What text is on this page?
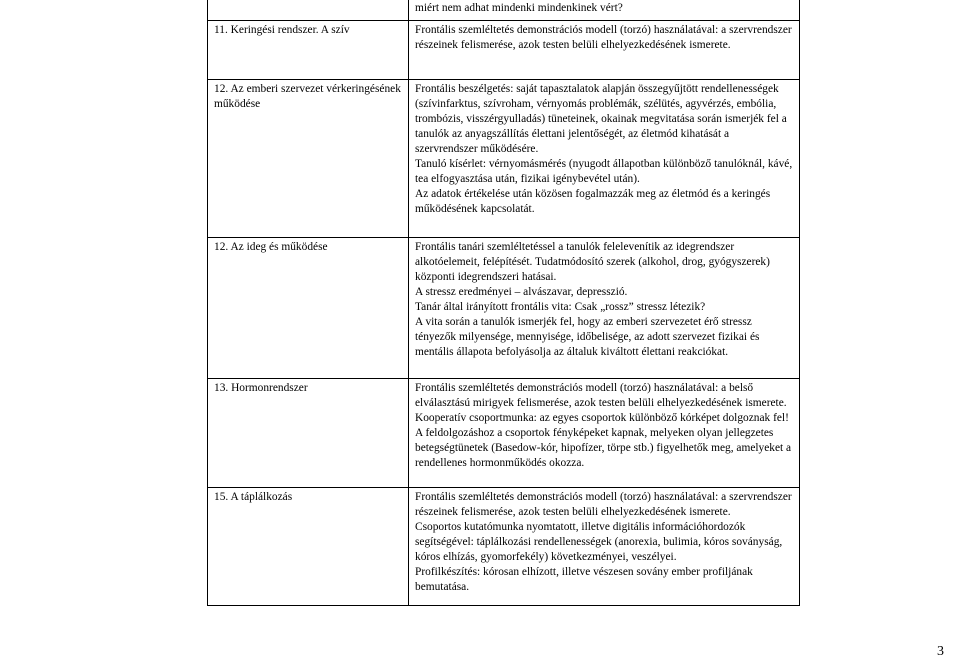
	miért nem adhat mindenki mindenkinek vért?

11. Keringési rendszer. A szív	Frontális szemléltetés demonstrációs modell (torzó) használatával: a szervrendszer részeinek felismerése, azok testen belüli elhelyezkedésének ismerete.

12. Az emberi szervezet vérkeringésének működése	Frontális beszélgetés: saját tapasztalatok alapján összegyűjtött rendellenességek (szívinfarktus, szívroham, vérnyomás problémák, szélütés, agyvérzés, embólia, trombózis, visszérgyulladás) tüneteinek, okainak megvitatása során ismerjék fel a tanulók az anyagszállítás élettani jelentőségét, az életmód kihatását a szervrendszer működésére.
Tanuló kísérlet: vérnyomásmérés (nyugodt állapotban különböző tanulóknál, kávé, tea elfogyasztása után, fizikai igénybevétel után).
Az adatok értékelése után közösen fogalmazzák meg az életmód és a keringés működésének kapcsolatát.

12. Az ideg és működése	Frontális tanári szemléltetéssel a tanulók felelevenítik az idegrendszer alkotóelemeit, felépítését. Tudatmódosító szerek (alkohol, drog, gyógyszerek) központi idegrendszeri hatásai.
A stressz eredményei – alvászavar, depresszió.
Tanár által irányított frontális vita: Csak „rossz” stressz létezik?
A vita során a tanulók ismerjék fel, hogy az emberi szervezetet érő stressz tényezők milyensége, mennyisége, időbelisége, az adott szervezet fizikai és mentális állapota befolyásolja az általuk kiváltott élettani reakciókat.

13. Hormonrendszer	Frontális szemléltetés demonstrációs modell (torzó) használatával: a belső elválasztású mirigyek felismerése, azok testen belüli elhelyezkedésének ismerete.
Kooperatív csoportmunka: az egyes csoportok különböző kórképet dolgoznak fel! A feldolgozáshoz a csoportok fényképeket kapnak, melyeken olyan jellegzetes betegségtünetek (Basedow-kór, hipofízer, törpe stb.) figyelhetők meg, amelyeket a rendellenes hormonműködés okozza.

15. A táplálkozás	Frontális szemléltetés demonstrációs modell (torzó) használatával: a szervrendszer részeinek felismerése, azok testen belüli elhelyezkedésének ismerete.
Csoportos kutatómunka nyomtatott, illetve digitális információhordozók segítségével: táplálkozási rendellenességek (anorexia, bulimia, kóros soványság, kóros elhízás, gyomorfekély) következményei, veszélyei.
Profilkészítés: kórosan elhízott, illetve vészesen sovány ember profiljának bemutatása.
3
